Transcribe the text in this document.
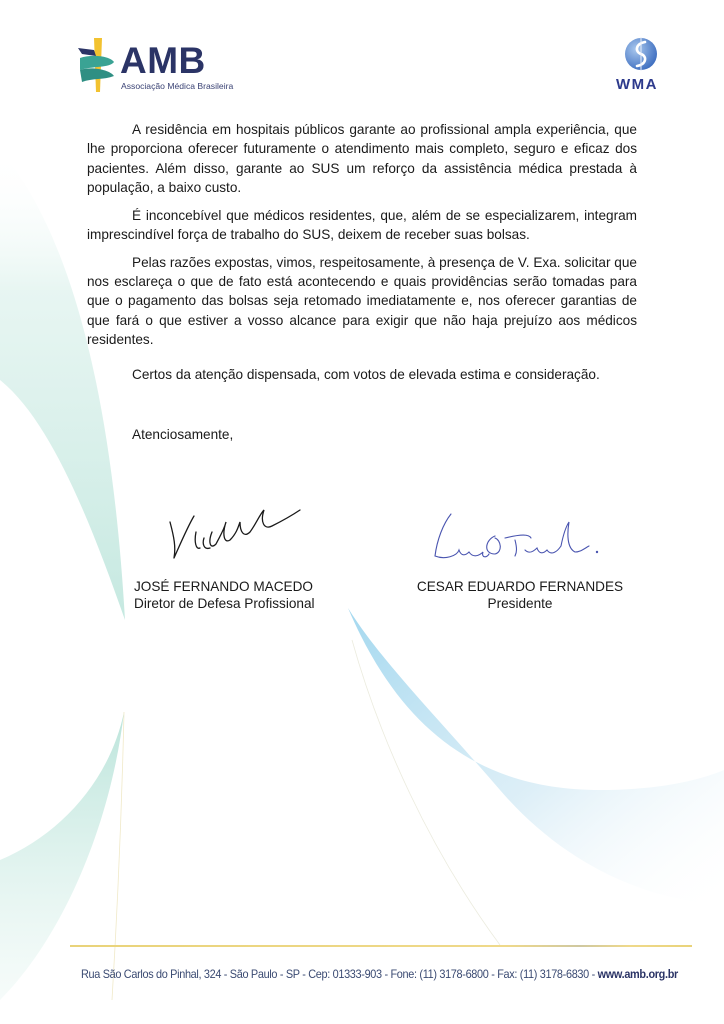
AMB
Associação Médica Brasileira	WMA

A residência em hospitais públicos garante ao profissional ampla experiência, que lhe proporciona oferecer futuramente o atendimento mais completo, seguro e eficaz dos pacientes. Além disso, garante ao SUS um reforço da assistência médica prestada à população, a baixo custo.

É inconcebível que médicos residentes, que, além de se especializarem, integram imprescindível força de trabalho do SUS, deixem de receber suas bolsas.

Pelas razões expostas, vimos, respeitosamente, à presença de V. Exa. solicitar que nos esclareça o que de fato está acontecendo e quais providências serão tomadas para que o pagamento das bolsas seja retomado imediatamente e, nos oferecer garantias de que fará o que estiver a vosso alcance para exigir que não haja prejuízo aos médicos residentes.

Certos da atenção dispensada, com votos de elevada estima e consideração.
Atenciosamente,
JOSÉ FERNANDO MACEDO
Diretor de Defesa Profissional
CESAR EDUARDO FERNANDES
Presidente
Rua São Carlos do Pinhal, 324 - São Paulo - SP - Cep: 01333-903 - Fone: (11) 3178-6800 - Fax: (11) 3178-6830 - www.amb.org.br
